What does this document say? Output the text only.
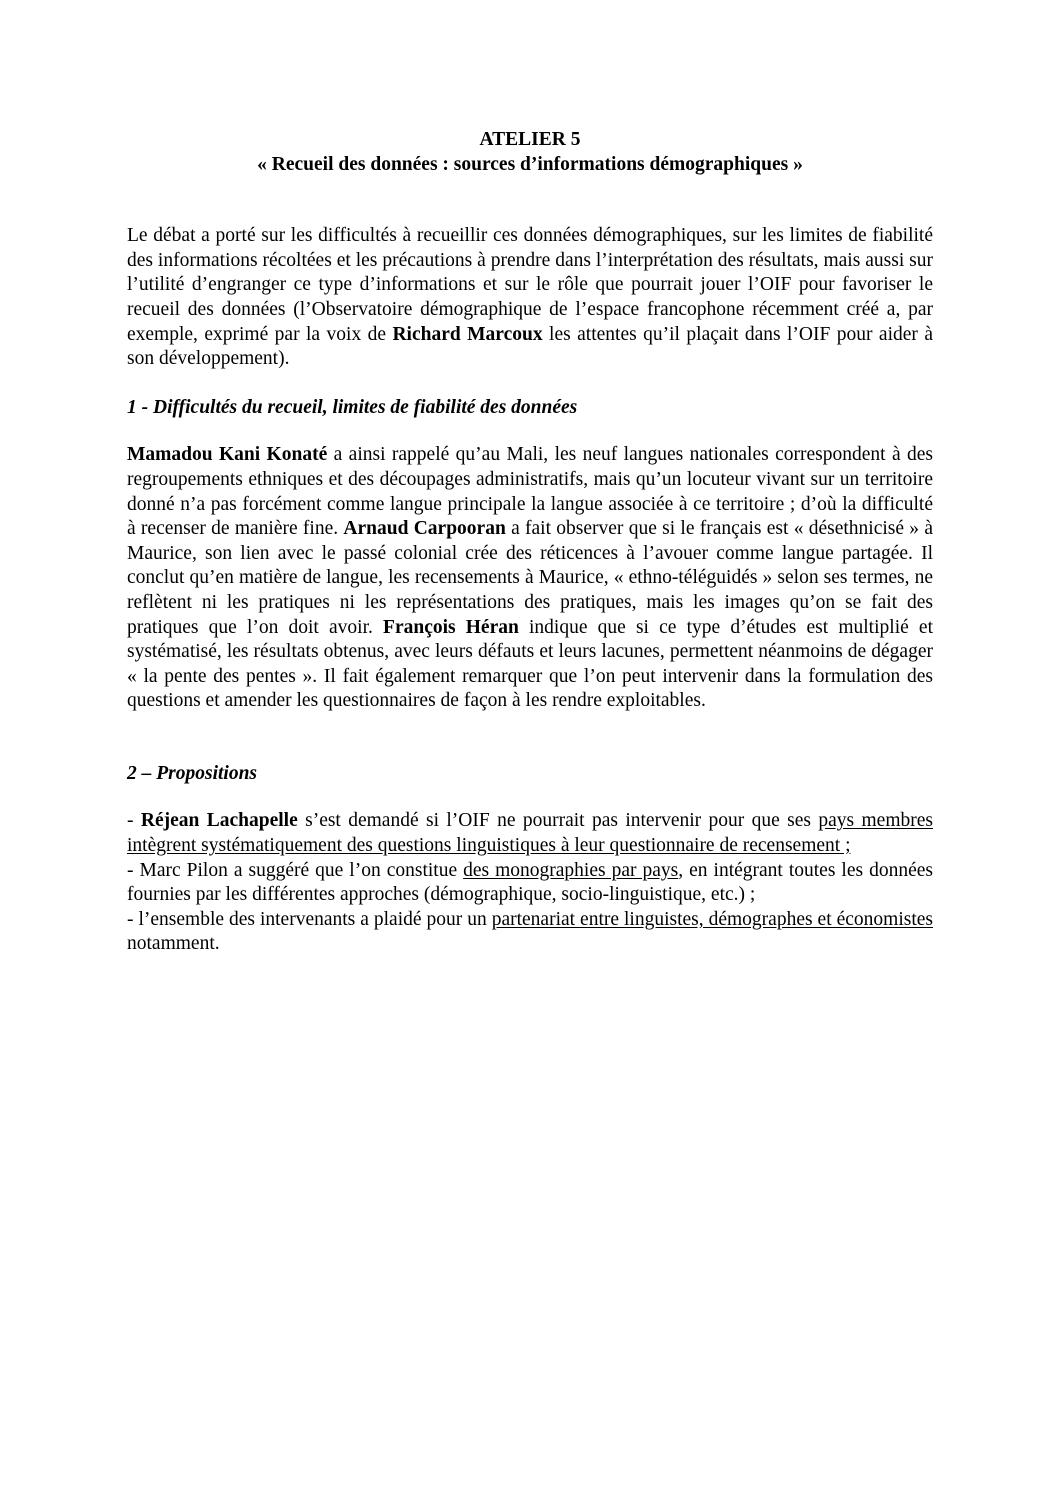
ATELIER 5
« Recueil des données : sources d’informations démographiques »

Le débat a porté sur les difficultés à recueillir ces données démographiques, sur les limites de fiabilité des informations récoltées et les précautions à prendre dans l’interprétation des résultats, mais aussi sur l’utilité d’engranger ce type d’informations et sur le rôle que pourrait jouer l’OIF pour favoriser le recueil des données (l’Observatoire démographique de l’espace francophone récemment créé a, par exemple, exprimé par la voix de Richard Marcoux les attentes qu’il plaçait dans l’OIF pour aider à son développement).

1 - Difficultés du recueil, limites de fiabilité des données

Mamadou Kani Konaté a ainsi rappelé qu’au Mali, les neuf langues nationales correspondent à des regroupements ethniques et des découpages administratifs, mais qu’un locuteur vivant sur un territoire donné n’a pas forcément comme langue principale la langue associée à ce territoire ; d’où la difficulté à recenser de manière fine. Arnaud Carpooran a fait observer que si le français est « désethnicisé » à Maurice, son lien avec le passé colonial crée des réticences à l’avouer comme langue partagée. Il conclut qu’en matière de langue, les recensements à Maurice, « ethno-téléguidés » selon ses termes, ne reflètent ni les pratiques ni les représentations des pratiques, mais les images qu’on se fait des pratiques que l’on doit avoir. François Héran indique que si ce type d’études est multiplié et systématisé, les résultats obtenus, avec leurs défauts et leurs lacunes, permettent néanmoins de dégager « la pente des pentes ». Il fait également remarquer que l’on peut intervenir dans la formulation des questions et amender les questionnaires de façon à les rendre exploitables.

2 – Propositions

- Réjean Lachapelle s’est demandé si l’OIF ne pourrait pas intervenir pour que ses pays membres intègrent systématiquement des questions linguistiques à leur questionnaire de recensement ;

- Marc Pilon a suggéré que l’on constitue des monographies par pays, en intégrant toutes les données fournies par les différentes approches (démographique, socio-linguistique, etc.) ;

- l’ensemble des intervenants a plaidé pour un partenariat entre linguistes, démographes et économistes notamment.
